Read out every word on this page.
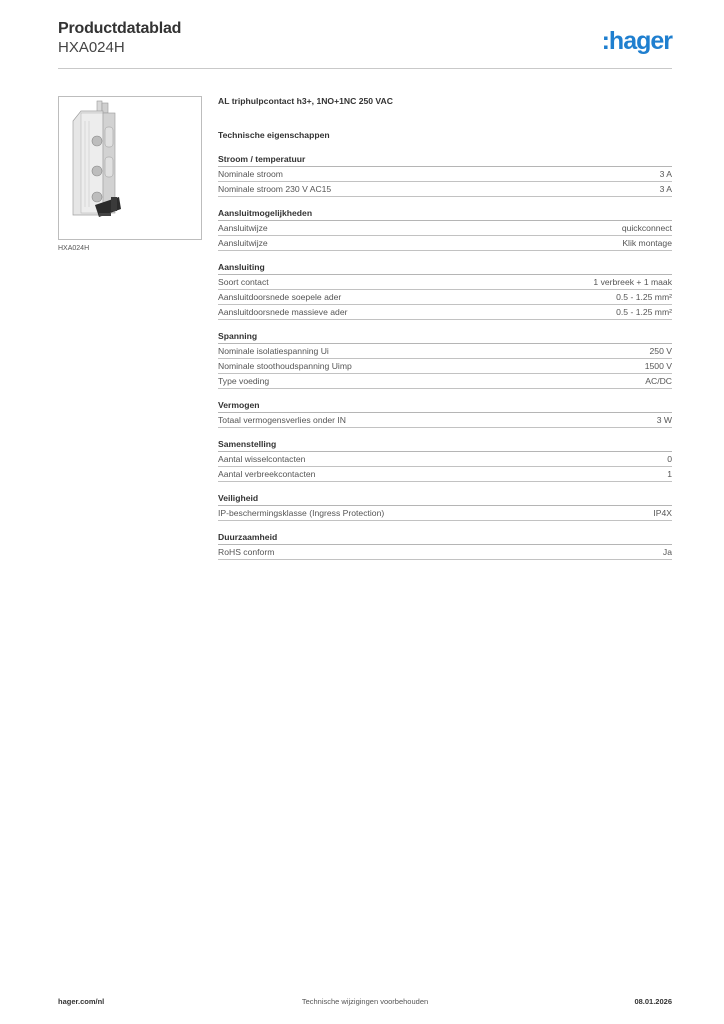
Productdatablad
HXA024H	:hager
HXA024H
AL triphulpcontact h3+, 1NO+1NC 250 VAC
Technische eigenschappen
Stroom / temperatuur
Nominale stroom	3 A
Nominale stroom 230 V AC15	3 A
Aansluitmogelijkheden
Aansluitwijze	quickconnect
Aansluitwijze	Klik montage
Aansluiting
Soort contact	1 verbreek + 1 maak
Aansluitdoorsnede soepele ader	0.5 - 1.25 mm²
Aansluitdoorsnede massieve ader	0.5 - 1.25 mm²
Spanning
Nominale isolatiespanning Ui	250 V
Nominale stoothoudspanning Uimp	1500 V
Type voeding	AC/DC
Vermogen
Totaal vermogensverlies onder IN	3 W
Samenstelling
Aantal wisselcontacten	0
Aantal verbreekcontacten	1
Veiligheid
IP-beschermingsklasse (Ingress Protection)	IP4X
Duurzaamheid
RoHS conform	Ja
hager.com/nl	Technische wijzigingen voorbehouden	08.01.2026
